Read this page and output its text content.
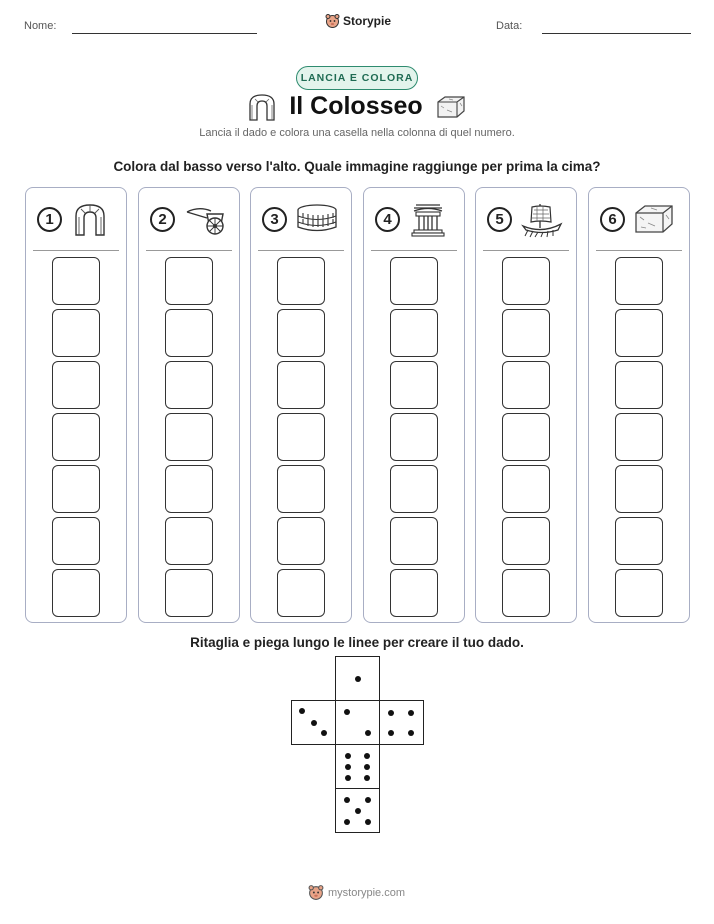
Nome:	Storypie	Data:
LANCIA E COLORA
Il Colosseo
Lancia il dado e colora una casella nella colonna di quel numero.
Colora dal basso verso l'alto. Quale immagine raggiunge per prima la cima?
1	2	3	4	5	6
Ritaglia e piega lungo le linee per creare il tuo dado.
mystorypie.com
